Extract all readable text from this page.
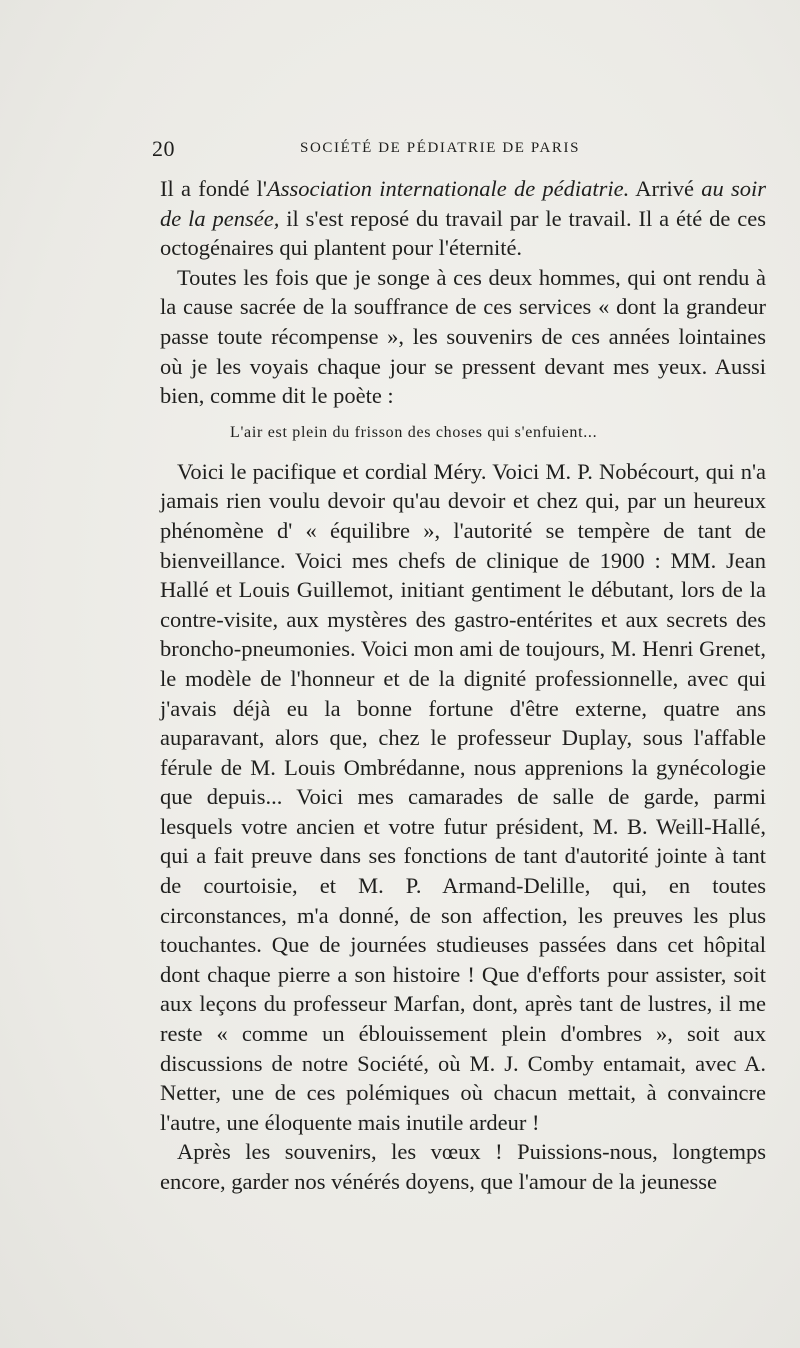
20	SOCIÉTÉ DE PÉDIATRIE DE PARIS

Il a fondé l'Association internationale de pédiatrie. Arrivé au soir de la pensée, il s'est reposé du travail par le travail. Il a été de ces octogénaires qui plantent pour l'éternité.

Toutes les fois que je songe à ces deux hommes, qui ont rendu à la cause sacrée de la souffrance de ces services « dont la grandeur passe toute récompense », les souvenirs de ces années lointaines où je les voyais chaque jour se pressent devant mes yeux. Aussi bien, comme dit le poète :

L'air est plein du frisson des choses qui s'enfuient...

Voici le pacifique et cordial Méry. Voici M. P. Nobécourt, qui n'a jamais rien voulu devoir qu'au devoir et chez qui, par un heureux phénomène d' « équilibre », l'autorité se tempère de tant de bienveillance. Voici mes chefs de clinique de 1900 : MM. Jean Hallé et Louis Guillemot, initiant gentiment le débutant, lors de la contre-visite, aux mystères des gastro-entérites et aux secrets des broncho-pneumonies. Voici mon ami de toujours, M. Henri Grenet, le modèle de l'honneur et de la dignité professionnelle, avec qui j'avais déjà eu la bonne fortune d'être externe, quatre ans auparavant, alors que, chez le professeur Duplay, sous l'affable férule de M. Louis Ombrédanne, nous apprenions la gynécologie que depuis... Voici mes camarades de salle de garde, parmi lesquels votre ancien et votre futur président, M. B. Weill-Hallé, qui a fait preuve dans ses fonctions de tant d'autorité jointe à tant de courtoisie, et M. P. Armand-Delille, qui, en toutes circonstances, m'a donné, de son affection, les preuves les plus touchantes. Que de journées studieuses passées dans cet hôpital dont chaque pierre a son histoire ! Que d'efforts pour assister, soit aux leçons du professeur Marfan, dont, après tant de lustres, il me reste « comme un éblouissement plein d'ombres », soit aux discussions de notre Société, où M. J. Comby entamait, avec A. Netter, une de ces polémiques où chacun mettait, à convaincre l'autre, une éloquente mais inutile ardeur !

Après les souvenirs, les vœux ! Puissions-nous, longtemps encore, garder nos vénérés doyens, que l'amour de la jeunesse
